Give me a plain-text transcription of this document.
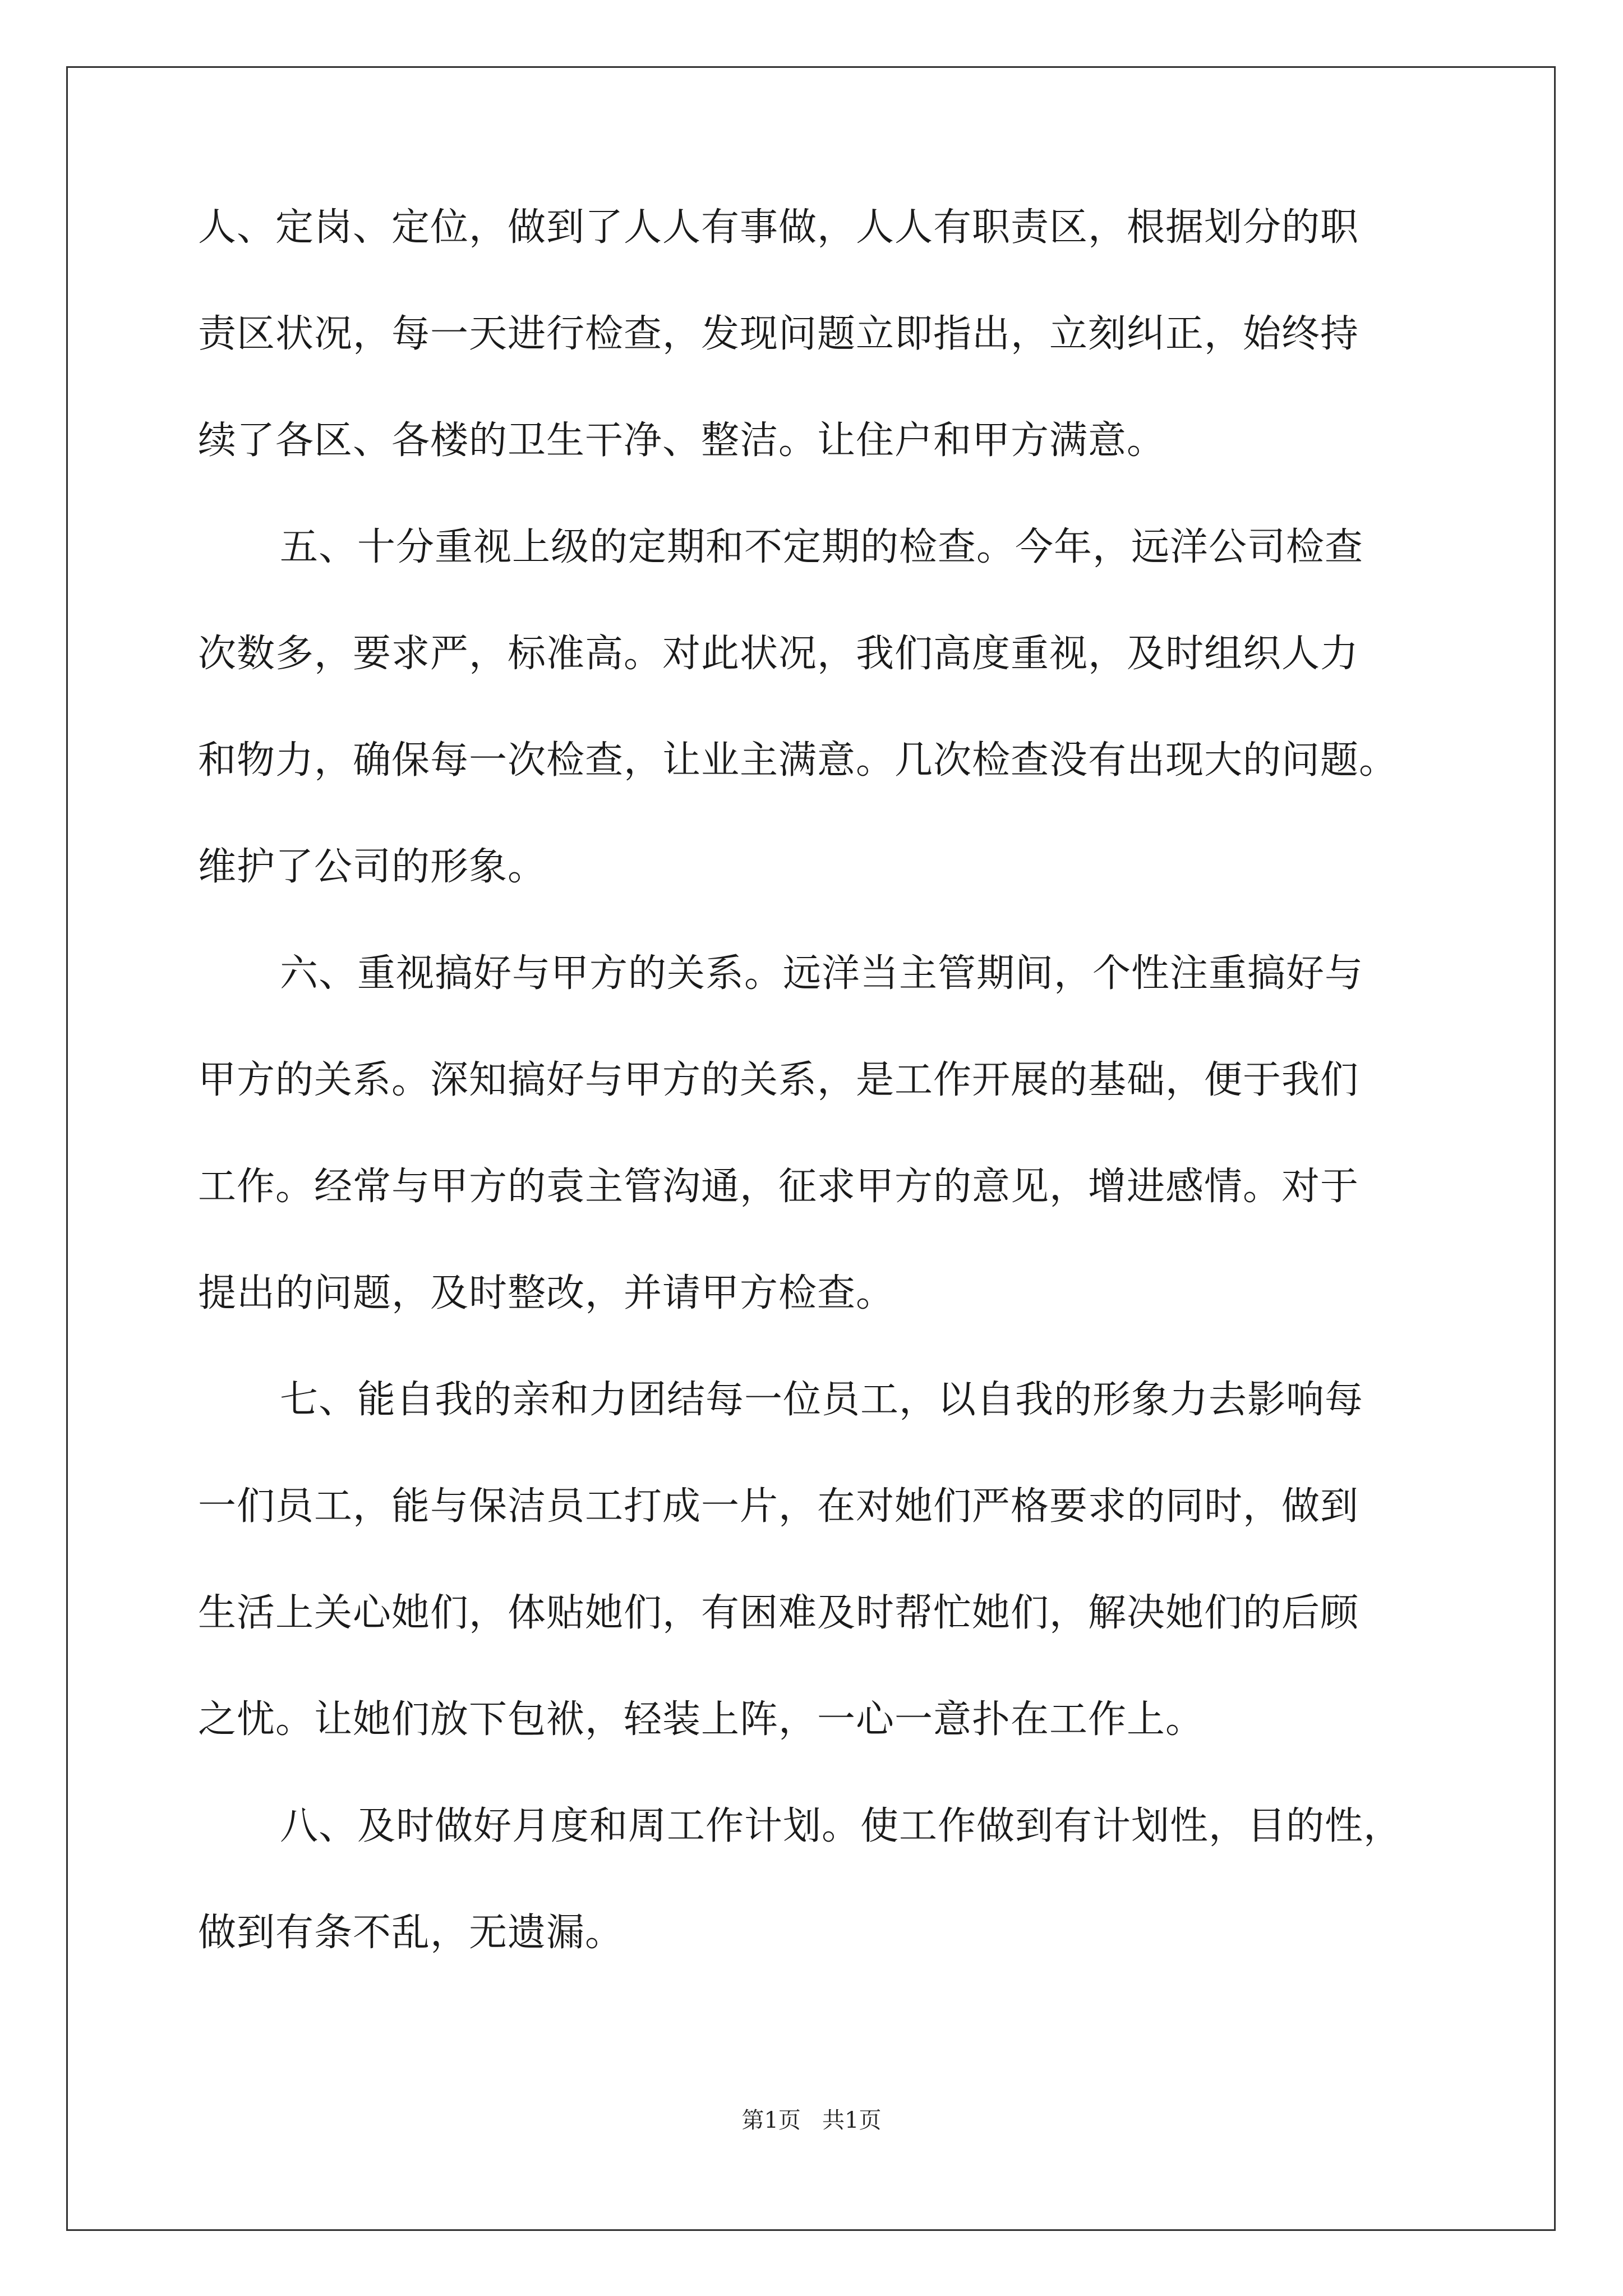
人、定岗、定位，做到了人人有事做，人人有职责区，根据划分的职
责区状况，每一天进行检查，发现问题立即指出，立刻纠正，始终持
续了各区、各楼的卫生干净、整洁。让住户和甲方满意。
五、十分重视上级的定期和不定期的检查。今年，远洋公司检查
次数多，要求严，标准高。对此状况，我们高度重视，及时组织人力
和物力，确保每一次检查，让业主满意。几次检查没有出现大的问题。
维护了公司的形象。
六、重视搞好与甲方的关系。远洋当主管期间，个性注重搞好与
甲方的关系。深知搞好与甲方的关系，是工作开展的基础，便于我们
工作。经常与甲方的袁主管沟通，征求甲方的意见，增进感情。对于
提出的问题，及时整改，并请甲方检查。
七、能自我的亲和力团结每一位员工，以自我的形象力去影响每
一们员工，能与保洁员工打成一片，在对她们严格要求的同时，做到
生活上关心她们，体贴她们，有困难及时帮忙她们，解决她们的后顾
之忧。让她们放下包袱，轻装上阵，一心一意扑在工作上。
八、及时做好月度和周工作计划。使工作做到有计划性，目的性，
做到有条不乱，无遗漏。
第1页   共1页
